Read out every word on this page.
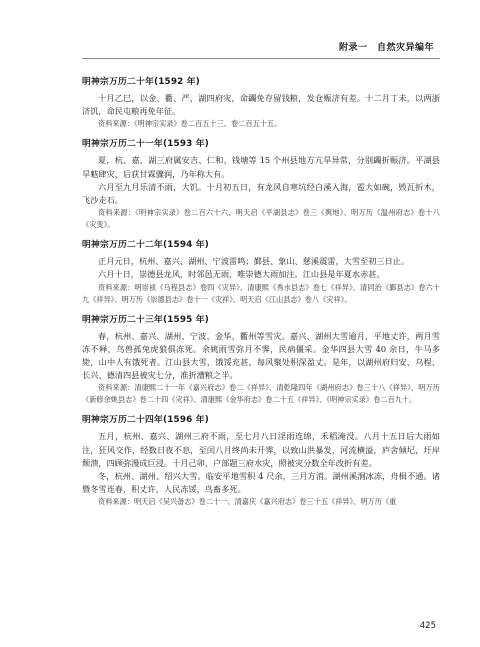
附录一　自然灾异编年
明神宗万历二十年(1592 年)

十月乙巳，以金、衢、严、湖四府灾，命蠲免存留钱粮，发仓赈济有差。十二月丁未，以两浙济饥，命民屯粮再免年征。

资料来源：《明神宗实录》卷二百五十三、卷二百五十五。

明神宗万历二十一年(1593 年)

夏，杭、嘉、湖三府属安吉、仁和、钱塘等 15 个州县地方亢旱异常，分别蠲折赈济。平湖县旱魃肆灾，后获甘霖骤润，乃年称大有。

六月至九月乐清不雨，大饥。十月初五日，有龙风自寒坑经白溪入海，雹大如碗，毁瓦折木，飞沙走石。

资料来源：《明神宗实录》卷二百六十六、明天启《平湖县志》卷三《舆地》、明万历《温州府志》卷十八《灾变》。

明神宗万历二十二年(1594 年)

正月元日，杭州、嘉兴、湖州、宁波雷鸣；鄞县、象山、慈溪震雷，大雪至初三日止。

六月十日，崇德县龙风，时邻邑无雨，唯崇德大雨加注。江山县是年夏水赤甚。

资料来源：明崇祯《乌程县志》卷四《灾异》、清康熙《秀水县志》卷七《祥异》、清同治《鄞县志》卷六十九《祥异》、明万历《崇德县志》卷十一《灾祥》、明天启《江山县志》卷八《灾祥》。

明神宗万历二十三年(1595 年)

春，杭州、嘉兴、湖州、宁波、金华、衢州等雪灾。嘉兴、湖州大雪逾月，平地丈许，两月雪冻不释，鸟兽孤兔虎狼俱冻死。余姚雨雪弥月不霁，民病僵采。金华四县大雪 40 余日，牛马多毙，山中人有饿死者。江山县大雪，饿馁充甚，每风聚处积深盈丈。是年，以湖州府归安、乌程、长兴、德清四县被灾七分，准折漕粮之半。

资料来源：清康熙二十一年《嘉兴府志》卷二《祥异》、清乾隆四年《湖州府志》卷三十八《祥异》、明万历《新修余姚县志》卷二十四《灾祥》、清康熙《金华府志》卷二十五《祥异》、《明神宗实录》卷二百九十。

明神宗万历二十四年(1596 年)

五月，杭州、嘉兴、湖州三府不雨，至七月八日淫雨连绵，禾稻淹没。八月十五日后大雨如注，狂风交作，经数日夜不息，至闰八月终尚未开霁，以致山洪暴发，河流横溢，庐舍倾圮，圩岸颓溃，四顾弥漫成巨浸。十月己卯，户部题三府水灾，照被灾分数全年改折有差。

冬，杭州、湖州、绍兴大雪。临安平地雪积 4 尺余，三月方消。湖州溪涧冰冻，舟楫不通。诸暨冬雪连春，积丈许，人民冻馁，鸟畜多死。

资料来源：明天启《吴兴备志》卷二十一、清嘉庆《嘉兴府志》卷三十五《祥异》、明万历《重

425
